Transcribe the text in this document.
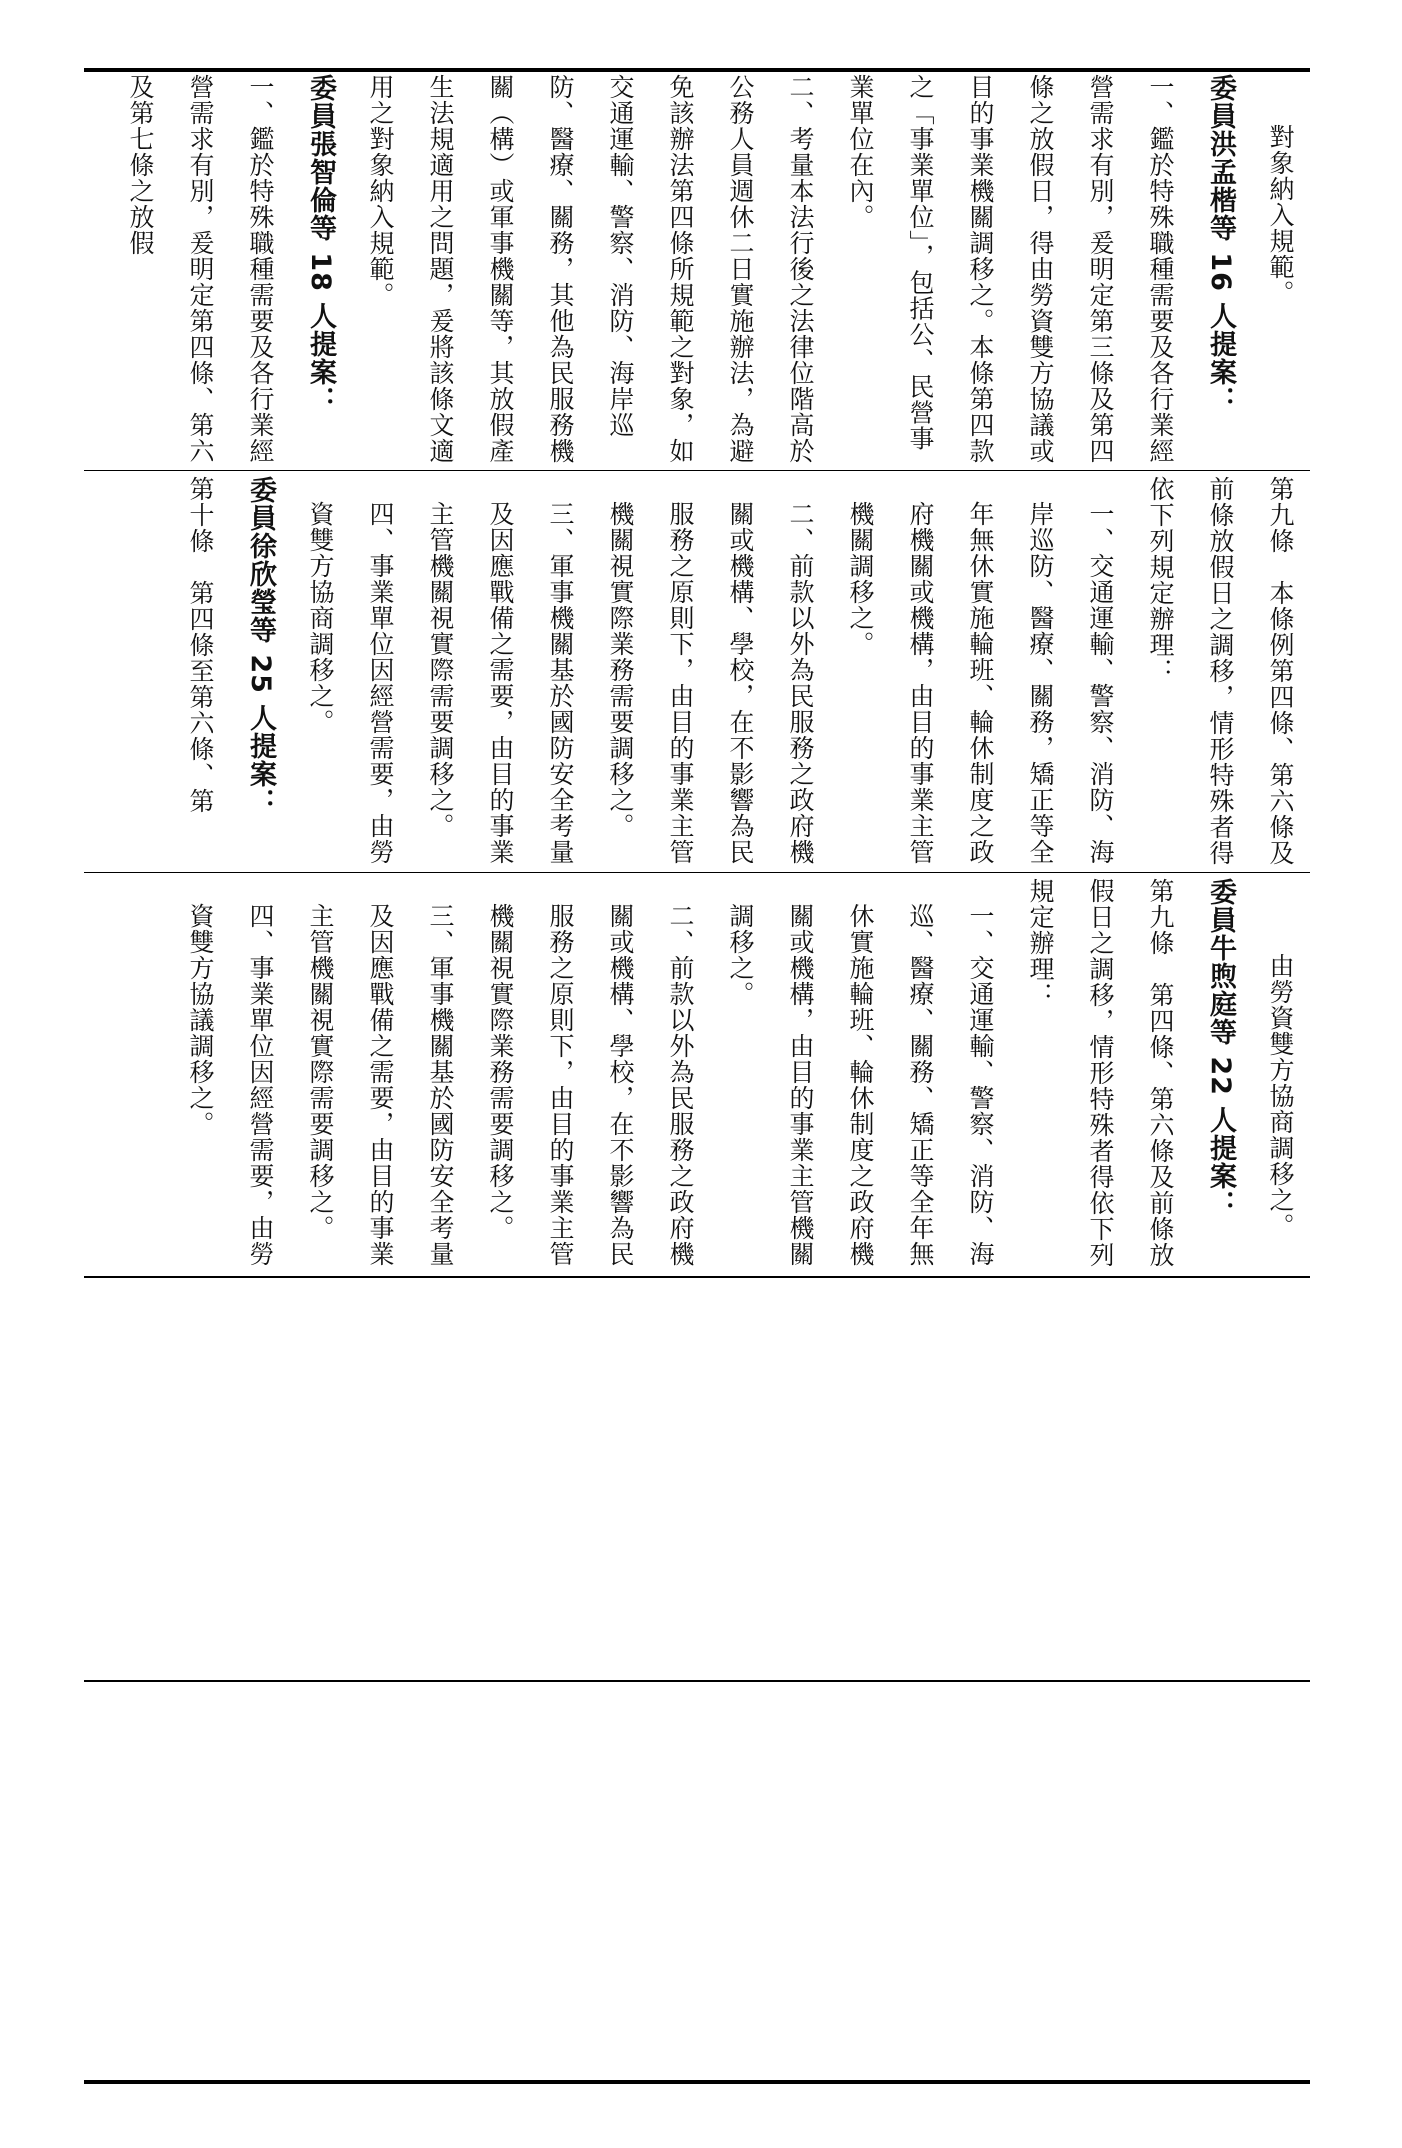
對象納入規範。
委員洪孟楷等 16 人提案：
一、鑑於特殊職種需要及各行業經營需求有別，爰明定第三條及第四條之放假日，得由勞資雙方協議或目的事業機關調移之。本條第四款之「事業單位」，包括公、民營事業單位在內。
二、考量本法行後之法律位階高於公務人員週休二日實施辦法，為避免該辦法第四條所規範之對象，如交通運輸、警察、消防、海岸巡防、醫療、關務，其他為民服務機關（構）或軍事機關等，其放假產生法規適用之問題，爰將該條文適用之對象納入規範。
委員張智倫等 18 人提案：
一、鑑於特殊職種需要及各行業經營需求有別，爰明定第四條、第六及第七條之放假
第九條　本條例第四條、第六條及前條放假日之調移，情形特殊者得依下列規定辦理：
一、交通運輸、警察、消防、海岸巡防、醫療、關務，矯正等全年無休實施輪班、輪休制度之政府機關或機構，由目的事業主管機關調移之。
二、前款以外為民服務之政府機關或機構、學校，在不影響為民服務之原則下，由目的事業主管機關視實際業務需要調移之。
三、軍事機關基於國防安全考量及因應戰備之需要，由目的事業主管機關視實際需要調移之。
四、事業單位因經營需要，由勞資雙方協商調移之。
委員徐欣瑩等 25 人提案：
第十條　第四條至第六條、第
由勞資雙方協商調移之。
委員牛煦庭等 22 人提案：
第九條　第四條、第六條及前條放假日之調移，情形特殊者得依下列規定辦理：
一、交通運輸、警察、消防、海巡、醫療、關務、矯正等全年無休實施輪班、輪休制度之政府機關或機構，由目的事業主管機關調移之。
二、前款以外為民服務之政府機關或機構、學校，在不影響為民服務之原則下，由目的事業主管機關視實際業務需要調移之。
三、軍事機關基於國防安全考量及因應戰備之需要，由目的事業主管機關視實際需要調移之。
四、事業單位因經營需要，由勞資雙方協議調移之。
